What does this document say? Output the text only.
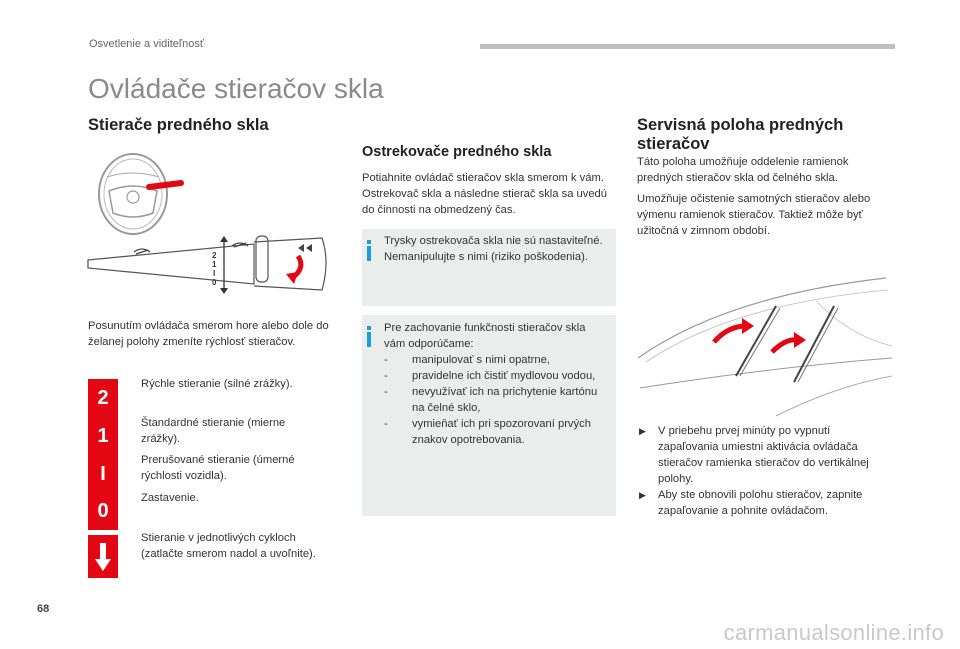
Osvetlenie a viditeľnosť
Ovládače stieračov skla
Stierače predného skla
2
1
I
0

Posunutím ovládača smerom hore alebo dole do želanej polohy zmeníte rýchlosť stieračov.

2
Rýchle stieranie (silné zrážky).
1
Štandardné stieranie (mierne zrážky).
I
Prerušované stieranie (úmerné rýchlosti vozidla).
0
Zastavenie.
Stieranie v jednotlivých cykloch (zatlačte smerom nadol a uvoľnite).
Ostrekovače predného skla

Potiahnite ovládač stieračov skla smerom k vám. Ostrekovač skla a následne stierač skla sa uvedú do činnosti na obmedzený čas.

Trysky ostrekovača skla nie sú nastaviteľné. Nemanipulujte s nimi (riziko poškodenia).

Pre zachovanie funkčnosti stieračov skla vám odporúčame:

- manipulovať s nimi opatrne,
- pravidelne ich čistiť mydlovou vodou,
- nevyužívať ich na prichytenie kartónu na čelné sklo,
- vymieňať ich pri spozorovaní prvých znakov opotrebovania.
Servisná poloha predných
stieračov

Táto poloha umožňuje oddelenie ramienok predných stieračov skla od čelného skla.

Umožňuje očistenie samotných stieračov alebo výmenu ramienok stieračov. Taktiež môže byť užitočná v zimnom období.

▶ V priebehu prvej minúty po vypnutí zapaľovania umiestni aktivácia ovládača stieračov ramienka stieračov do vertikálnej polohy.
▶ Aby ste obnovili polohu stieračov, zapnite zapaľovanie a pohnite ovládačom.
68
carmanualsonline.info
